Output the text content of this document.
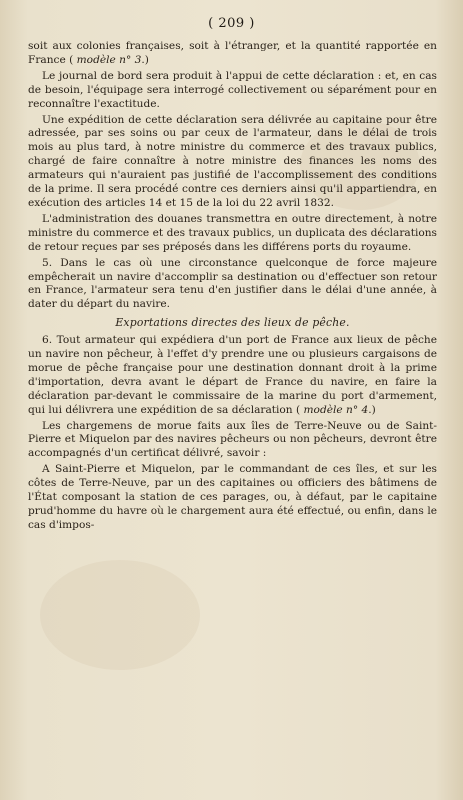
( 209 )

soit aux colonies françaises, soit à l'étranger, et la quantité rapportée en France ( modèle n° 3.)

Le journal de bord sera produit à l'appui de cette déclaration : et, en cas de besoin, l'équipage sera interrogé collectivement ou séparément pour en reconnaître l'exactitude.

Une expédition de cette déclaration sera délivrée au capitaine pour être adressée, par ses soins ou par ceux de l'armateur, dans le délai de trois mois au plus tard, à notre ministre du commerce et des travaux publics, chargé de faire connaître à notre ministre des finances les noms des armateurs qui n'auraient pas justifié de l'accomplissement des conditions de la prime. Il sera procédé contre ces derniers ainsi qu'il appartiendra, en exécution des articles 14 et 15 de la loi du 22 avril 1832.

L'administration des douanes transmettra en outre directement, à notre ministre du commerce et des travaux publics, un duplicata des déclarations de retour reçues par ses préposés dans les différens ports du royaume.

5. Dans le cas où une circonstance quelconque de force majeure empêcherait un navire d'accomplir sa destination ou d'effectuer son retour en France, l'armateur sera tenu d'en justifier dans le délai d'une année, à dater du départ du navire.

Exportations directes des lieux de pêche.

6. Tout armateur qui expédiera d'un port de France aux lieux de pêche un navire non pêcheur, à l'effet d'y prendre une ou plusieurs cargaisons de morue de pêche française pour une destination donnant droit à la prime d'importation, devra avant le départ de France du navire, en faire la déclaration par-devant le commissaire de la marine du port d'armement, qui lui délivrera une expédition de sa déclaration ( modèle n° 4.)

Les chargemens de morue faits aux îles de Terre-Neuve ou de Saint-Pierre et Miquelon par des navires pêcheurs ou non pêcheurs, devront être accompagnés d'un certificat délivré, savoir :

A Saint-Pierre et Miquelon, par le commandant de ces îles, et sur les côtes de Terre-Neuve, par un des capitaines ou officiers des bâtimens de l'État composant la station de ces parages, ou, à défaut, par le capitaine prud'homme du havre où le chargement aura été effectué, ou enfin, dans le cas d'impos-
